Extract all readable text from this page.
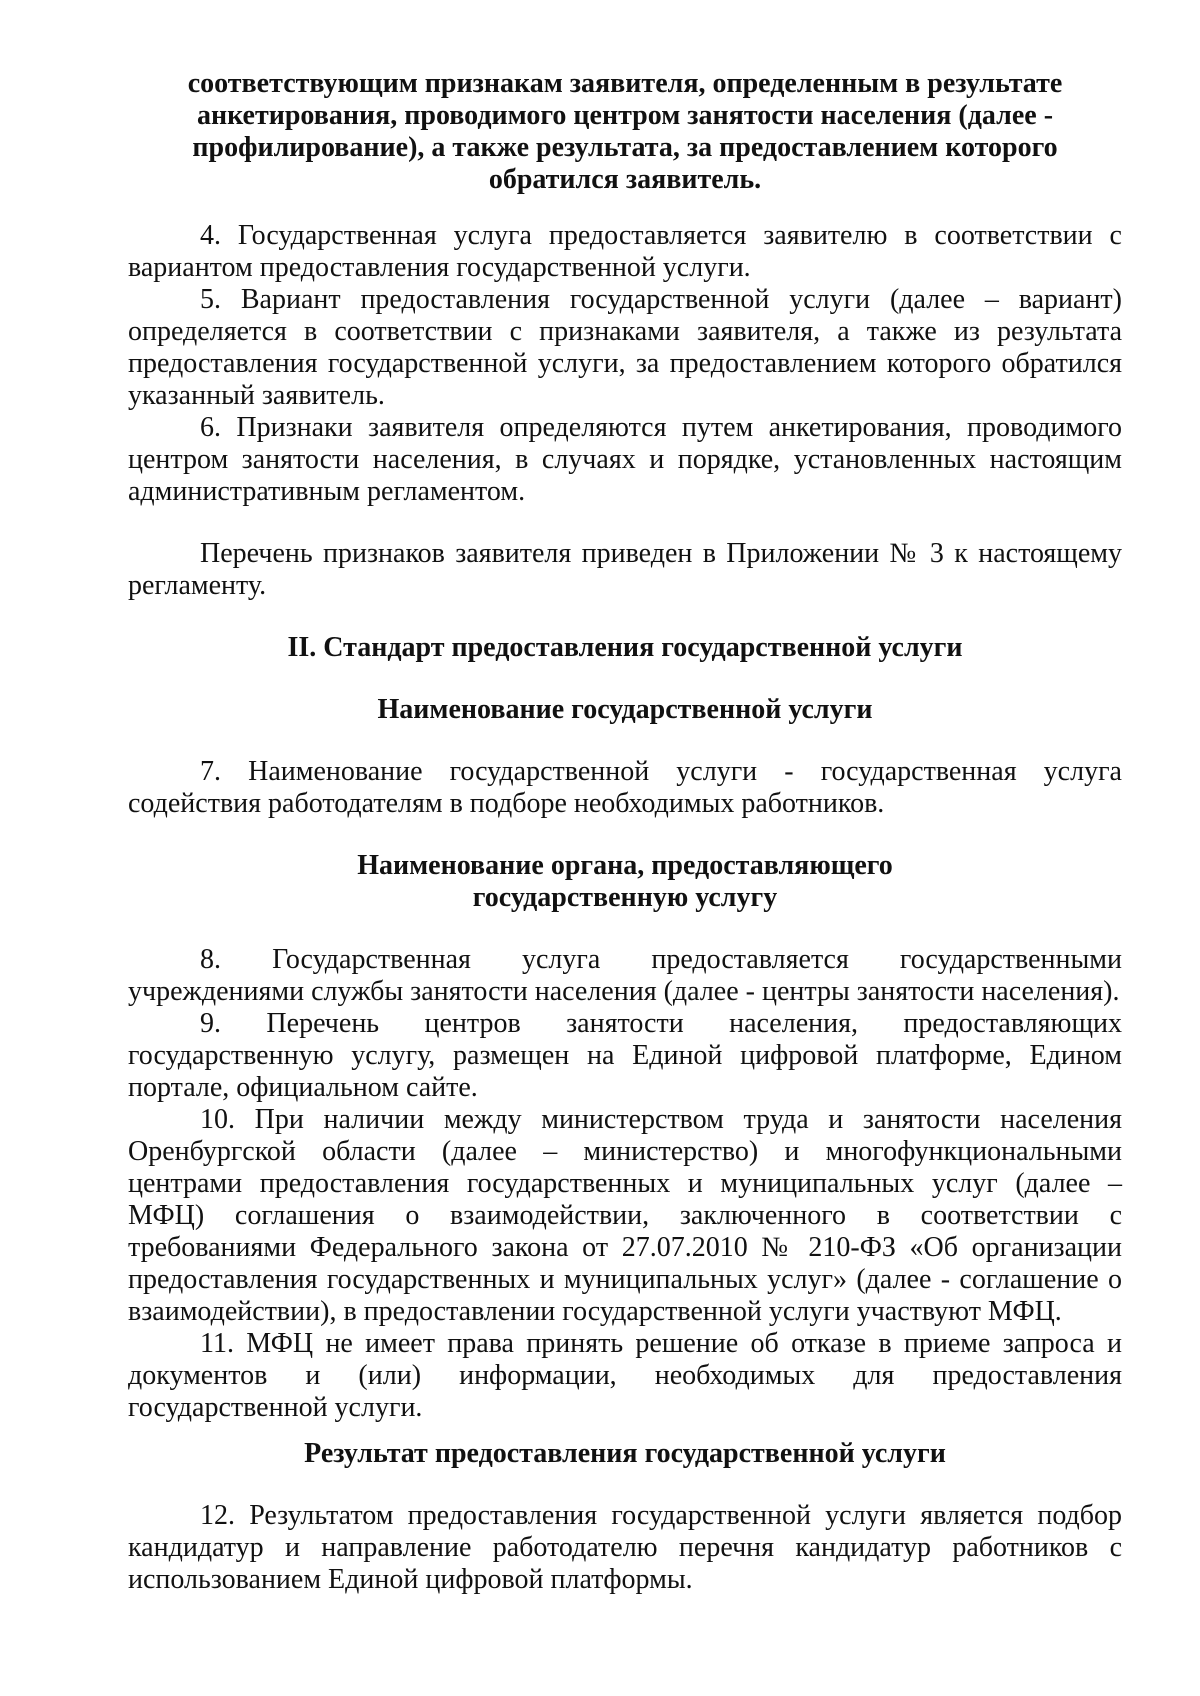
соответствующим признакам заявителя, определенным в результате анкетирования, проводимого центром занятости населения (далее - профилирование), а также результата, за предоставлением которого обратился заявитель.

4. Государственная услуга предоставляется заявителю в соответствии с вариантом предоставления государственной услуги.

5. Вариант предоставления государственной услуги (далее – вариант) определяется в соответствии с признаками заявителя, а также из результата предоставления государственной услуги, за предоставлением которого обратился указанный заявитель.

6. Признаки заявителя определяются путем анкетирования, проводимого центром занятости населения, в случаях и порядке, установленных настоящим административным регламентом.

Перечень признаков заявителя приведен в Приложении № 3 к настоящему регламенту.

II. Стандарт предоставления государственной услуги

Наименование государственной услуги

7. Наименование государственной услуги - государственная услуга содействия работодателям в подборе необходимых работников.

Наименование органа, предоставляющего

государственную услугу

8. Государственная услуга предоставляется государственными учреждениями службы занятости населения (далее - центры занятости населения).

9. Перечень центров занятости населения, предоставляющих государственную услугу, размещен на Единой цифровой платформе, Едином портале, официальном сайте.

10. При наличии между министерством труда и занятости населения Оренбургской области (далее – министерство) и многофункциональными центрами предоставления государственных и муниципальных услуг (далее – МФЦ) соглашения о взаимодействии, заключенного в соответствии с требованиями Федерального закона от 27.07.2010 № 210-ФЗ «Об организации предоставления государственных и муниципальных услуг» (далее - соглашение о взаимодействии), в предоставлении государственной услуги участвуют МФЦ.

11. МФЦ не имеет права принять решение об отказе в приеме запроса и документов и (или) информации, необходимых для предоставления государственной услуги.

Результат предоставления государственной услуги

12. Результатом предоставления государственной услуги является подбор кандидатур и направление работодателю перечня кандидатур работников с использованием Единой цифровой платформы.
